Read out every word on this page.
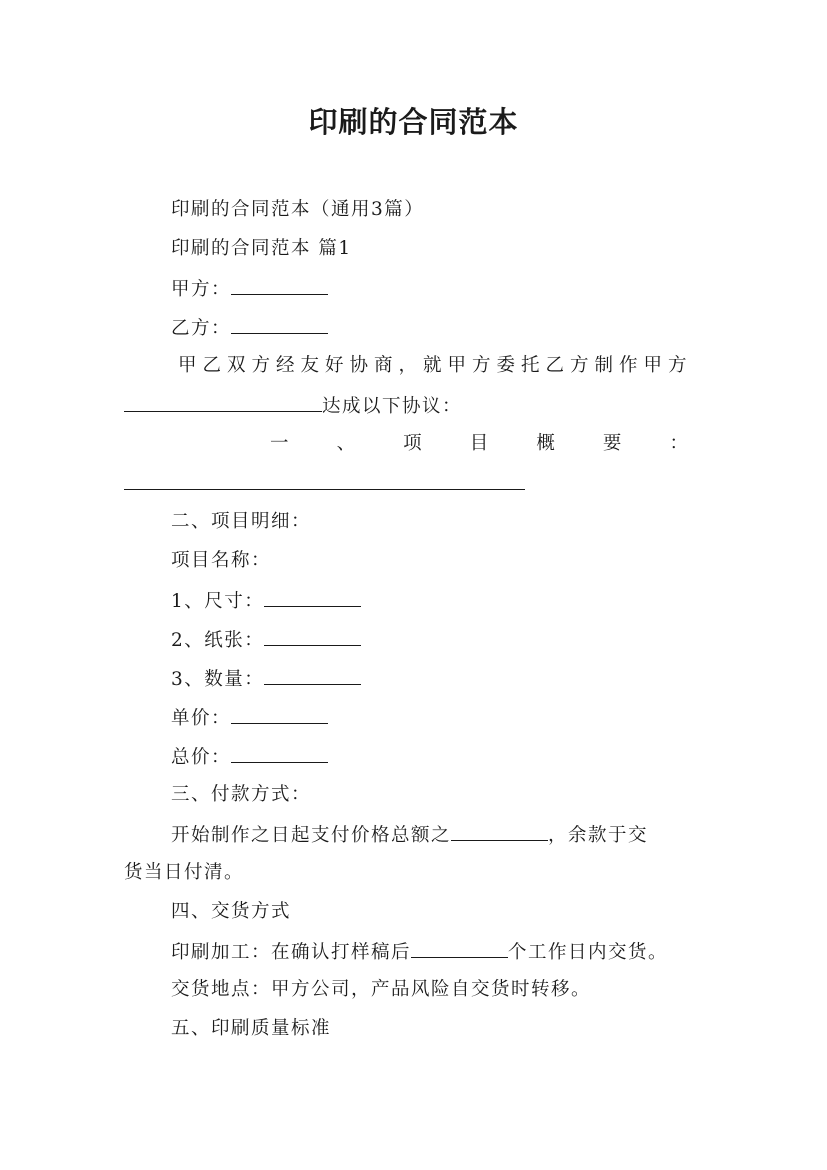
印刷的合同范本
印刷的合同范本（通用3篇）
印刷的合同范本 篇1
甲方：
乙方：
甲乙双方经友好协商，就甲方委托乙方制作甲方
达成以下协议：
一	、	项	目	概	要	：
二、项目明细：
项目名称：
1、尺寸：
2、纸张：
3、数量：
单价：
总价：
三、付款方式：
开始制作之日起支付价格总额之	，余款于交
货当日付清。
四、交货方式
印刷加工：在确认打样稿后	个工作日内交货。
交货地点：甲方公司，产品风险自交货时转移。
五、印刷质量标准
